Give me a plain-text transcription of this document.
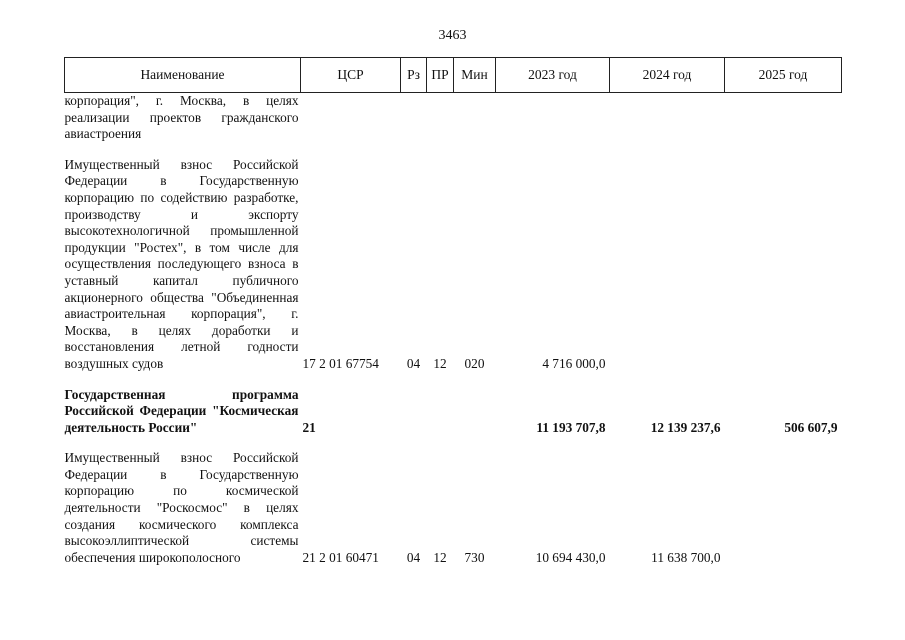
3463
Наименование	ЦСР	Рз	ПР	Мин	2023 год	2024 год	2025 год
корпорация", г. Москва, в целях реализации проектов гражданского авиастроения							

Имущественный взнос Российской Федерации в Государственную корпорацию по содействию разработке, производству и экспорту высокотехнологичной промышленной продукции "Ростех", в том числе для осуществления последующего взноса в уставный капитал публичного акционерного общества "Объединенная авиастроительная корпорация", г. Москва, в целях доработки и восстановления летной годности воздушных судов	17 2 01 67754	04	12	020	4 716 000,0		

Государственная программа Российской Федерации "Космическая деятельность России"	21				11 193 707,8	12 139 237,6	506 607,9

Имущественный взнос Российской Федерации в Государственную корпорацию по космической деятельности "Роскосмос" в целях создания космического комплекса высокоэллиптической системы обеспечения широкополосного	21 2 01 60471	04	12	730	10 694 430,0	11 638 700,0	
